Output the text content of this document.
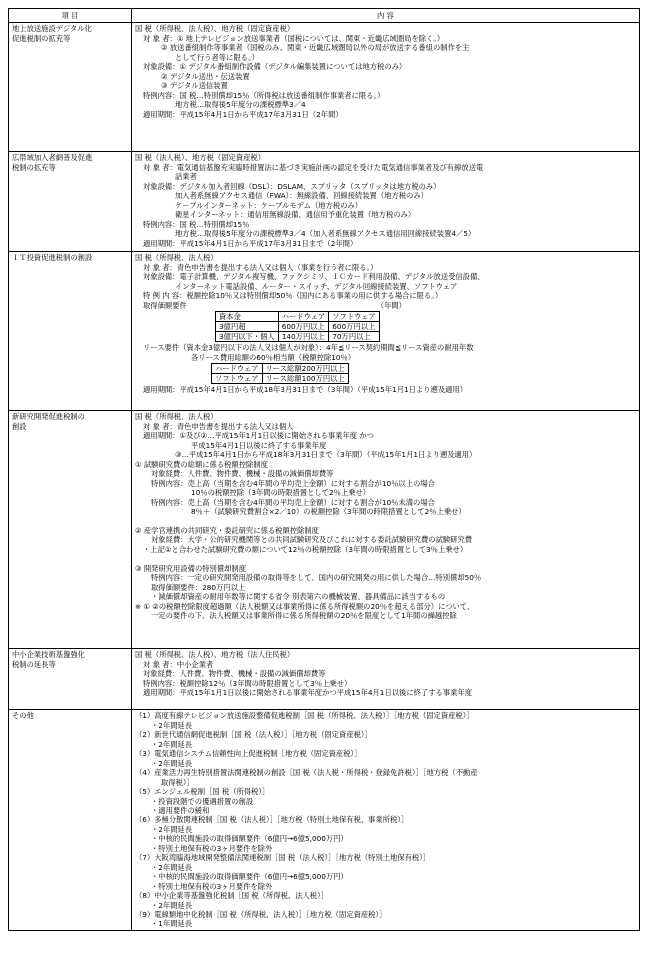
項 目	内 容

地上放送施設デジタル化
促進税制の拡充等

国 税（所得税、法人税）、地方税（固定資産税）
対 象 者：① 地上テレビジョン放送事業者（国税については、関東・近畿広域圏局を除く。）
② 放送番組制作等事業者（国税のみ、関東・近畿広域圏局以外の局が放送する番組の制作を主
として行う者等に限る。）
対象設備：① デジタル番組制作設備（デジタル編集装置については地方税のみ）
② デジタル送出・伝送装置
③ デジタル送信装置
特例内容：国 税…特別償却15％（所得税は放送番組制作事業者に限る。）
地方税…取得後5年度分の課税標準3／4
適用期間：平成15年4月1日から平成17年3月31日（2年間）

広帯域加入者網普及促進
税制の拡充等

国 税（法人税）、地方税（固定資産税）
対 象 者：電気通信基盤充実臨時措置法に基づき実施計画の認定を受けた電気通信事業者及び有線放送電
話業者
対象設備：デジタル加入者回線（DSL）：DSLAM、スプリッタ（スプリッタは地方税のみ）
加入者系無線アクセス通信（FWA）：無線設備、回線接続装置（地方税のみ）
ケーブルインターネット：ケーブルモデム（地方税のみ）
衛星インターネット：通信用無線設備、通信用予重化装置（地方税のみ）
特例内容：国 税…特別償却15％
地方税…取得後5年度分の課税標準3／4（加入者系無線アクセス通信用回線接続装置4／5）
適用期間：平成15年4月1日から平成17年3月31日まで（2年間）

ＩＴ投資促進税制の創設	国 税（所得税、法人税）
対 象 者：青色申告書を提出する法人又は個人（事業を行う者に限る。）
対象設備：電子計算機、デジタル複写機、ファクシミリ、ＩＣカード利用設備、デジタル放送受信設備、
インターネット電話設備、ルーター・スイッチ、デジタル回線接続装置、ソフトウェア
特 例 内 容：税額控除10％又は特別償却50％（国内にある事業の用に供する場合に限る。）
取得価額要件	（年間）
資本金	ハードウェア	ソフトウェア
3億円超	600万円以上	600万円以上
3億円以下・個人	140万円以上	70万円以上
リース要件（資本金3億円以下の法人又は個人が対象）：4年≦リース契約期間≦リース資産の耐用年数
各リース費用総額の60％相当額（税額控除10％）
ハードウェア	リース総額200万円以上
ソフトウェア	リース総額100万円以上
適用期間：平成15年4月1日から平成18年3月31日まで（3年間）（平成15年1月1日より遡及適用）

新研究開発促進税制の
創設

国 税（所得税、法人税）
対 象 者：青色申告書を提出する法人又は個人
適用期間：①及び②…平成15年1月1日以後に開始される事業年度 かつ
平成15年4月1日以後に終了する事業年度
③…平成15年4月1日から平成18年3月31日まで（3年間）（平成15年1月1日より遡及適用）
① 試験研究費の総額に係る税額控除制度
対象経費：人件費、物件費、機械・設備の減価償却費等
特例内容：売上高（当期を含む4年間の平均売上金額）に対する割合が10％以上の場合
10％の税額控除（3年間の時限措置として2％上乗せ）
特例内容：売上高（当期を含む4年間の平均売上金額）に対する割合が10％未満の場合
8％＋（試験研究費割合×2／10）の税額控除（3年間の時限措置として2％上乗せ）

② 産学官連携の共同研究・委託研究に係る税額控除制度
対象経費：大学・公的研究機関等との共同試験研究及びこれに対する委託試験研究費の試験研究費
・上記①と合わせた試験研究費の額について12％の税額控除（3年間の時限措置として3％上乗せ）

③ 開発研究用設備の特別償却制度
特例内容：一定の研究開発用設備の取得等をして、国内の研究開発の用に供した場合…特別償却50％
取得価額要件：280万円以上
・減価償却資産の耐用年数等に関する省令 別表第六の機械装置、器具備品に該当するもの
※ ① ②の税額控除限度超過額（法人税額又は事業所得に係る所得税額の20％を超える部分）について、
一定の要件の下、法人税額又は事業所得に係る所得税額の20％を限度として1年間の繰越控除

中小企業技術基盤強化
税制の延長等

国 税（所得税、法人税）、地方税（法人住民税）
対 象 者：中小企業者
対象経費：人件費、物件費、機械・設備の減価償却費等
特例内容：税額控除12％（3年間の時限措置として3％上乗せ）
適用期間：平成15年1月1日以後に開始される事業年度かつ平成15年4月1日以後に終了する事業年度

その他	（1）高度有線テレビジョン放送施設整備促進税制［国 税（所得税、法人税）］［地方税（固定資産税）］
・2年間延長
（2）新世代通信網促進税制［国 税（法人税）］［地方税（固定資産税）］
・2年間延長
（3）電気通信システム信頼性向上促進税制［地方税（固定資産税）］
・2年間延長
（4）産業活力再生特別措置法関連税制の創設［国 税（法人税・所得税・登録免許税）］［地方税（不動産
取得税）］
（5）エンジェル税制［国 税（所得税）］
・投資段階での優遇措置の創設
・適用要件の緩和
（6）多極分散関連税制［国 税（法人税）］［地方税（特別土地保有税、事業所税）］
・2年間延長
・中核的民間施設の取得価額要件（6億円→6億5,000万円）
・特別土地保有税の3ヶ月要件を除外
（7）大阪湾臨海地域開発整備法関連税制［国 税（法人税）］［地方税（特別土地保有税）］
・2年間延長
・中核的民間施設の取得価額要件（6億円→6億5,000万円）
・特別土地保有税の3ヶ月要件を除外
（8）中小企業等基盤強化税制［国 税（所得税、法人税）］
・2年間延長
（9）電線類地中化税制［国 税（所得税、法人税）］［地方税（固定資産税）］
・1年間延長
